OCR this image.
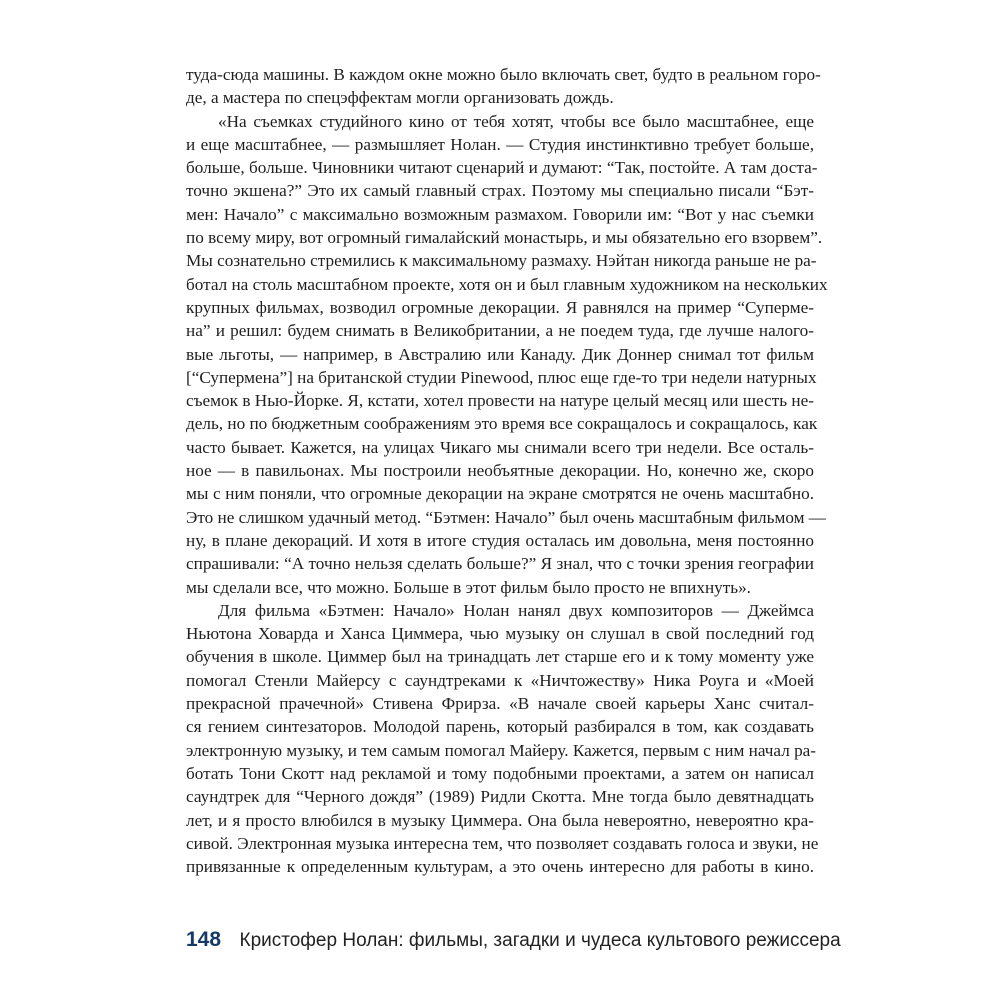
туда-сюда машины. В каждом окне можно было включать свет, будто в реальном горо-
де, а мастера по спецэффектам могли организовать дождь.
«На съемках студийного кино от тебя хотят, чтобы все было масштабнее, еще
и еще масштабнее, — размышляет Нолан. — Студия инстинктивно требует больше,
больше, больше. Чиновники читают сценарий и думают: “Так, постойте. А там доста-
точно экшена?” Это их самый главный страх. Поэтому мы специально писали “Бэт-
мен: Начало” с максимально возможным размахом. Говорили им: “Вот у нас съемки
по всему миру, вот огромный гималайский монастырь, и мы обязательно его взорвем”.
Мы сознательно стремились к максимальному размаху. Нэйтан никогда раньше не ра-
ботал на столь масштабном проекте, хотя он и был главным художником на нескольких
крупных фильмах, возводил огромные декорации. Я равнялся на пример “Суперме-
на” и решил: будем снимать в Великобритании, а не поедем туда, где лучше налого-
вые льготы, — например, в Австралию или Канаду. Дик Доннер снимал тот фильм
[“Супермена”] на британской студии Pinewood, плюс еще где-то три недели натурных
съемок в Нью-Йорке. Я, кстати, хотел провести на натуре целый месяц или шесть не-
дель, но по бюджетным соображениям это время все сокращалось и сокращалось, как
часто бывает. Кажется, на улицах Чикаго мы снимали всего три недели. Все осталь-
ное — в павильонах. Мы построили необъятные декорации. Но, конечно же, скоро
мы с ним поняли, что огромные декорации на экране смотрятся не очень масштабно.
Это не слишком удачный метод. “Бэтмен: Начало” был очень масштабным фильмом —
ну, в плане декораций. И хотя в итоге студия осталась им довольна, меня постоянно
спрашивали: “А точно нельзя сделать больше?” Я знал, что с точки зрения географии
мы сделали все, что можно. Больше в этот фильм было просто не впихнуть».
Для фильма «Бэтмен: Начало» Нолан нанял двух композиторов — Джеймса
Ньютона Ховарда и Ханса Циммера, чью музыку он слушал в свой последний год
обучения в школе. Циммер был на тринадцать лет старше его и к тому моменту уже
помогал Стенли Майерсу с саундтреками к «Ничтожеству» Ника Роуга и «Моей
прекрасной прачечной» Стивена Фрирза. «В начале своей карьеры Ханс считал-
ся гением синтезаторов. Молодой парень, который разбирался в том, как создавать
электронную музыку, и тем самым помогал Майеру. Кажется, первым с ним начал ра-
ботать Тони Скотт над рекламой и тому подобными проектами, а затем он написал
саундтрек для “Черного дождя” (1989) Ридли Скотта. Мне тогда было девятнадцать
лет, и я просто влюбился в музыку Циммера. Она была невероятно, невероятно кра-
сивой. Электронная музыка интересна тем, что позволяет создавать голоса и звуки, не
привязанные к определенным культурам, а это очень интересно для работы в кино.
148 Кристофер Нолан: фильмы, загадки и чудеса культового режиссера
